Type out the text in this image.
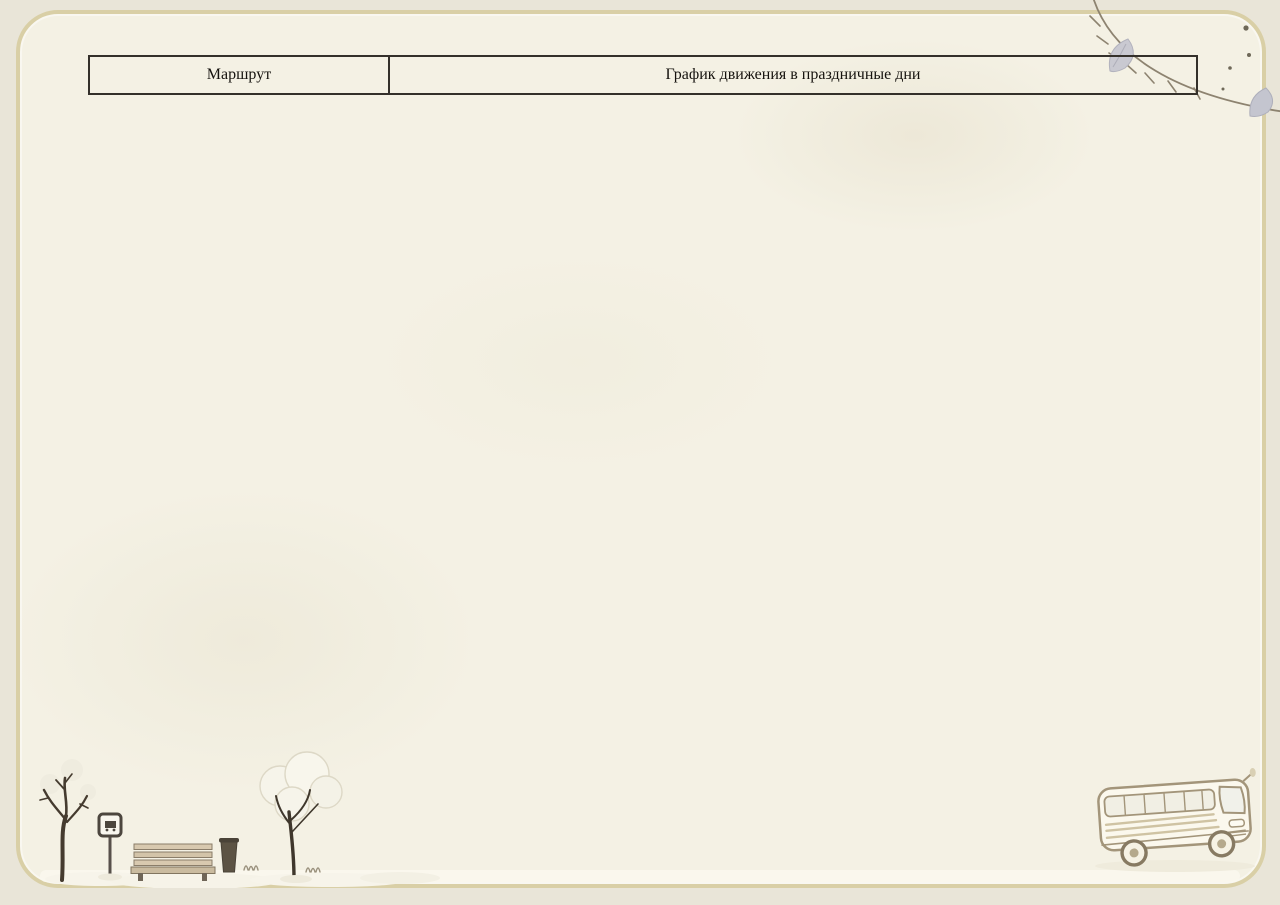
Маршрут	График движения в праздничные дни
